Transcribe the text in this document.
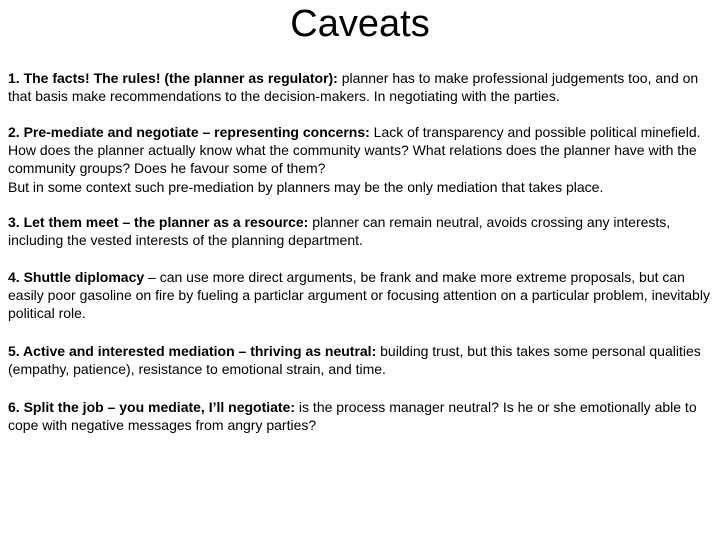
Caveats

1. The facts! The rules! (the planner as regulator): planner has to make professional judgements too, and on that basis make recommendations to the decision-makers. In negotiating with the parties.

2. Pre-mediate and negotiate – representing concerns: Lack of transparency and possible political minefield. How does the planner actually know what the community wants? What relations does the planner have with the community groups? Does he favour some of them?
But in some context such pre-mediation by planners may be the only mediation that takes place.

3. Let them meet – the planner as a resource: planner can remain neutral, avoids crossing any interests, including the vested interests of the planning department.

4. Shuttle diplomacy – can use more direct arguments, be frank and make more extreme proposals, but can easily poor gasoline on fire by fueling a particlar argument or focusing attention on a particular problem, inevitably political role.

5. Active and interested mediation – thriving as neutral: building trust, but this takes some personal qualities (empathy, patience), resistance to emotional strain, and time.

6. Split the job – you mediate, I’ll negotiate: is the process manager neutral? Is he or she emotionally able to cope with negative messages from angry parties?
